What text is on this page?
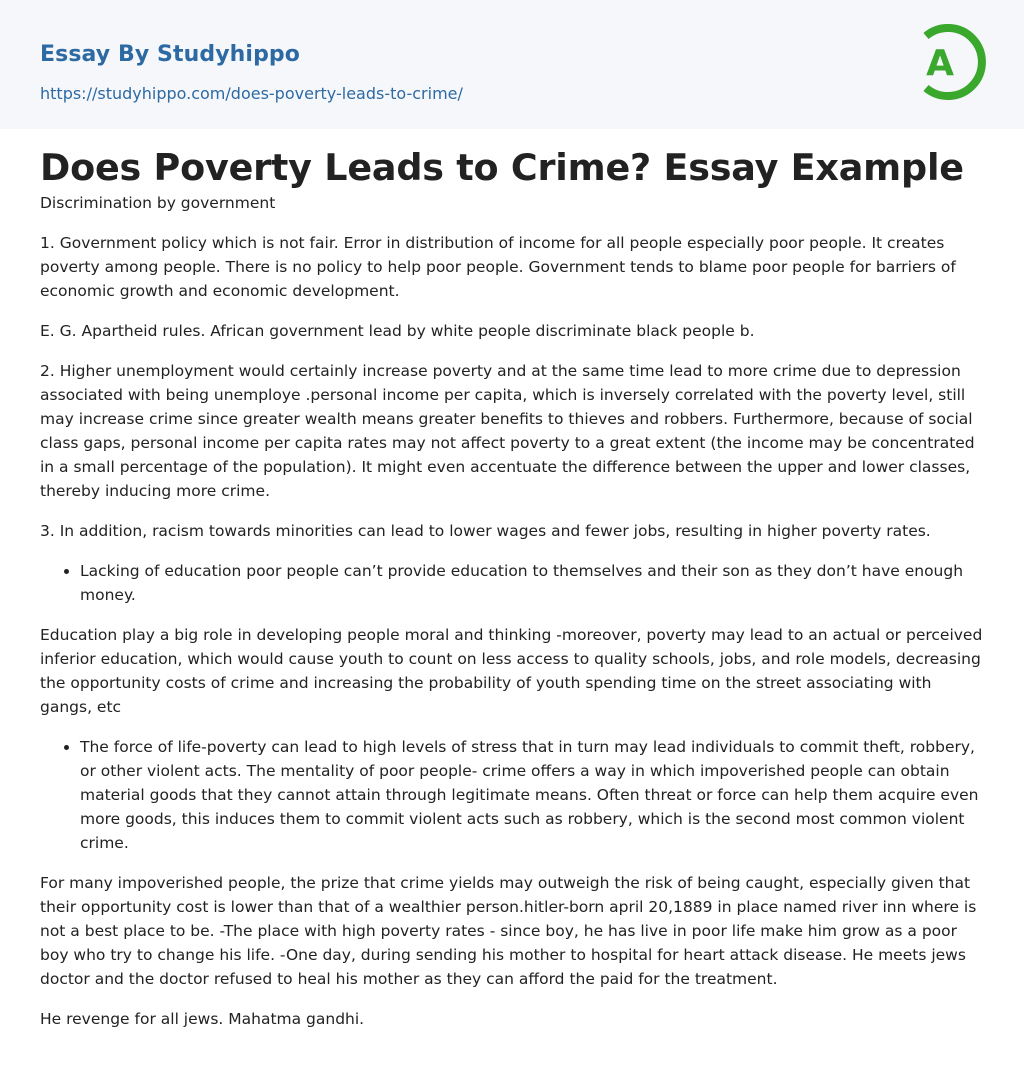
Essay By Studyhippo
https://studyhippo.com/does-poverty-leads-to-crime/
A
Does Poverty Leads to Crime? Essay Example
Discrimination by government

1. Government policy which is not fair. Error in distribution of income for all people especially poor people. It creates poverty among people. There is no policy to help poor people. Government tends to blame poor people for barriers of economic growth and economic development.

E. G. Apartheid rules. African government lead by white people discriminate black people b.

2. Higher unemployment would certainly increase poverty and at the same time lead to more crime due to depression associated with being unemploye .personal income per capita, which is inversely correlated with the poverty level, still may increase crime since greater wealth means greater benefits to thieves and robbers. Furthermore, because of social class gaps, personal income per capita rates may not affect poverty to a great extent (the income may be concentrated in a small percentage of the population). It might even accentuate the difference between the upper and lower classes, thereby inducing more crime.

3. In addition, racism towards minorities can lead to lower wages and fewer jobs, resulting in higher poverty rates.

• Lacking of education poor people can’t provide education to themselves and their son as they don’t have enough money.

Education play a big role in developing people moral and thinking -moreover, poverty may lead to an actual or perceived inferior education, which would cause youth to count on less access to quality schools, jobs, and role models, decreasing the opportunity costs of crime and increasing the probability of youth spending time on the street associating with gangs, etc

• The force of life-poverty can lead to high levels of stress that in turn may lead individuals to commit theft, robbery, or other violent acts. The mentality of poor people- crime offers a way in which impoverished people can obtain material goods that they cannot attain through legitimate means. Often threat or force can help them acquire even more goods, this induces them to commit violent acts such as robbery, which is the second most common violent crime.

For many impoverished people, the prize that crime yields may outweigh the risk of being caught, especially given that their opportunity cost is lower than that of a wealthier person.hitler-born april 20,1889 in place named river inn where is not a best place to be. -The place with high poverty rates - since boy, he has live in poor life make him grow as a poor boy who try to change his life. -One day, during sending his mother to hospital for heart attack disease. He meets jews doctor and the doctor refused to heal his mother as they can afford the paid for the treatment.

He revenge for all jews. Mahatma gandhi.
